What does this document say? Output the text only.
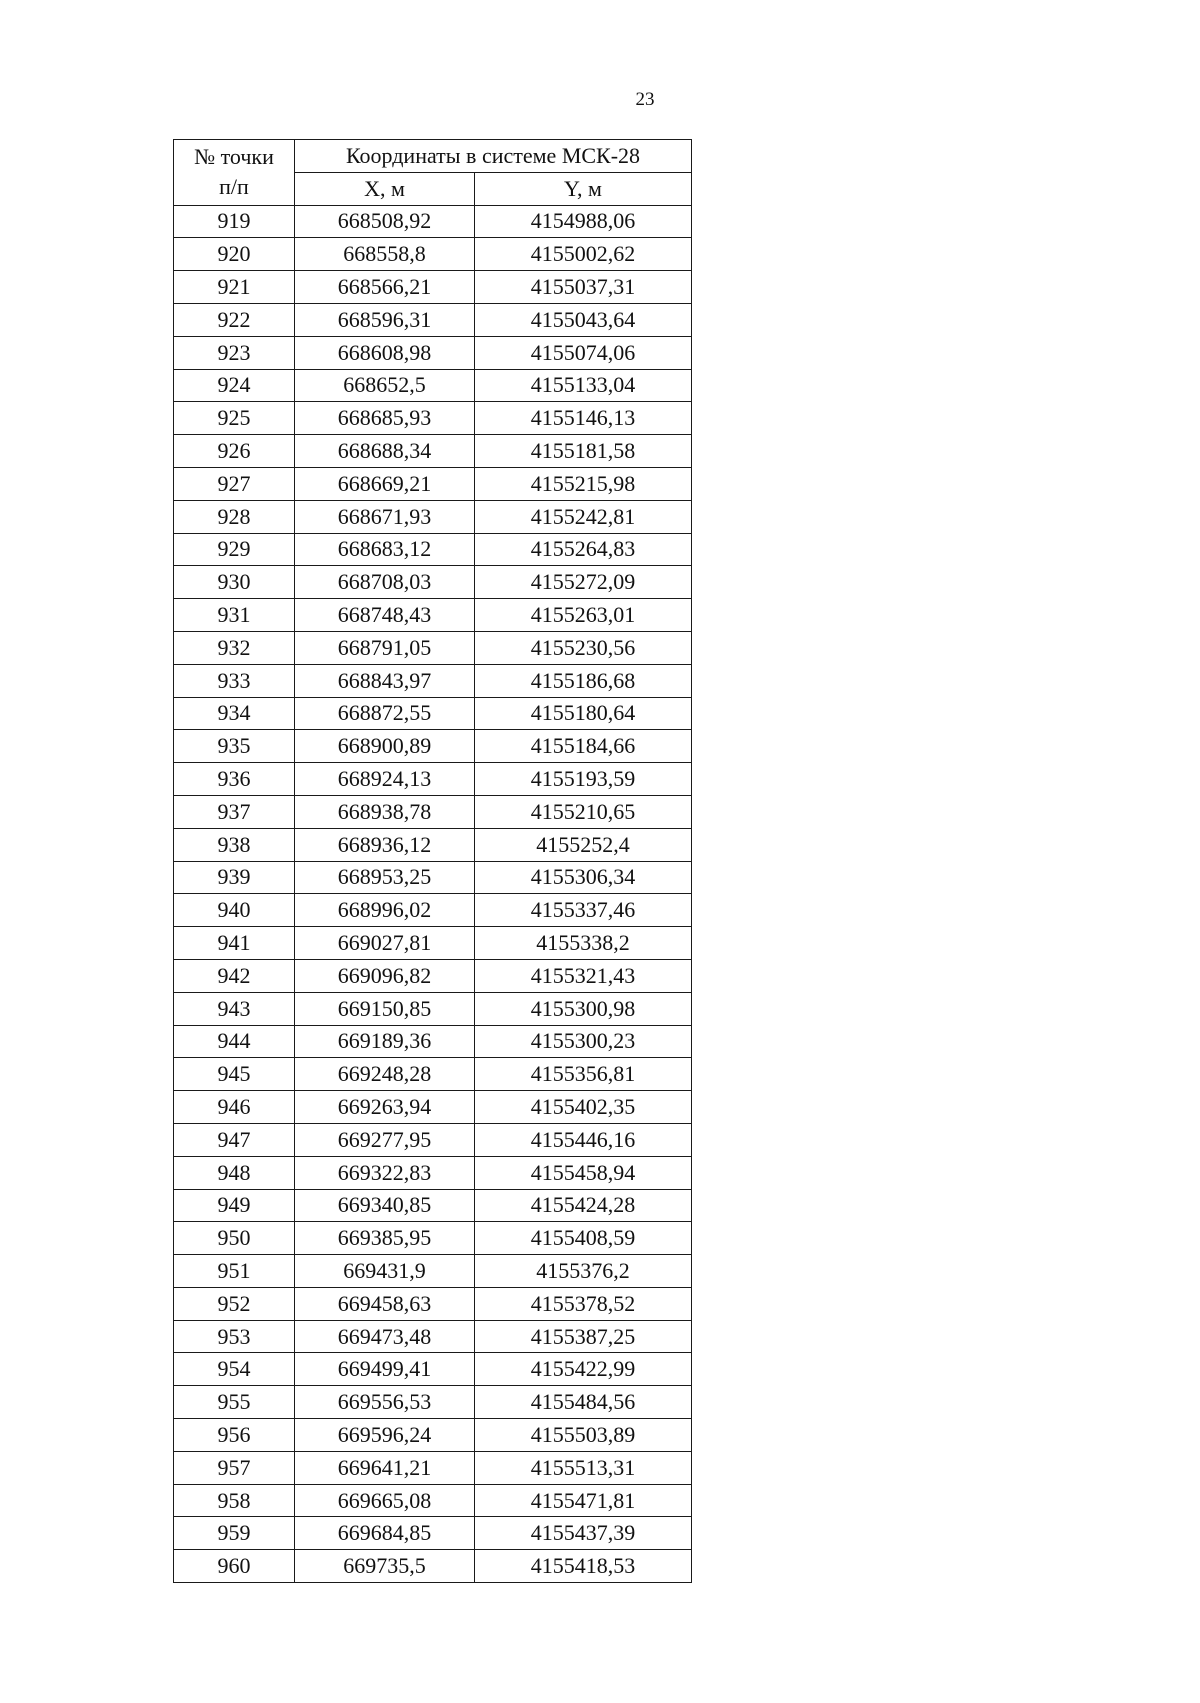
23
№ точки
п/п	Координаты в системе МСК-28	
	X, м	Y, м
919	668508,92	4154988,06
920	668558,8	4155002,62
921	668566,21	4155037,31
922	668596,31	4155043,64
923	668608,98	4155074,06
924	668652,5	4155133,04
925	668685,93	4155146,13
926	668688,34	4155181,58
927	668669,21	4155215,98
928	668671,93	4155242,81
929	668683,12	4155264,83
930	668708,03	4155272,09
931	668748,43	4155263,01
932	668791,05	4155230,56
933	668843,97	4155186,68
934	668872,55	4155180,64
935	668900,89	4155184,66
936	668924,13	4155193,59
937	668938,78	4155210,65
938	668936,12	4155252,4
939	668953,25	4155306,34
940	668996,02	4155337,46
941	669027,81	4155338,2
942	669096,82	4155321,43
943	669150,85	4155300,98
944	669189,36	4155300,23
945	669248,28	4155356,81
946	669263,94	4155402,35
947	669277,95	4155446,16
948	669322,83	4155458,94
949	669340,85	4155424,28
950	669385,95	4155408,59
951	669431,9	4155376,2
952	669458,63	4155378,52
953	669473,48	4155387,25
954	669499,41	4155422,99
955	669556,53	4155484,56
956	669596,24	4155503,89
957	669641,21	4155513,31
958	669665,08	4155471,81
959	669684,85	4155437,39
960	669735,5	4155418,53
